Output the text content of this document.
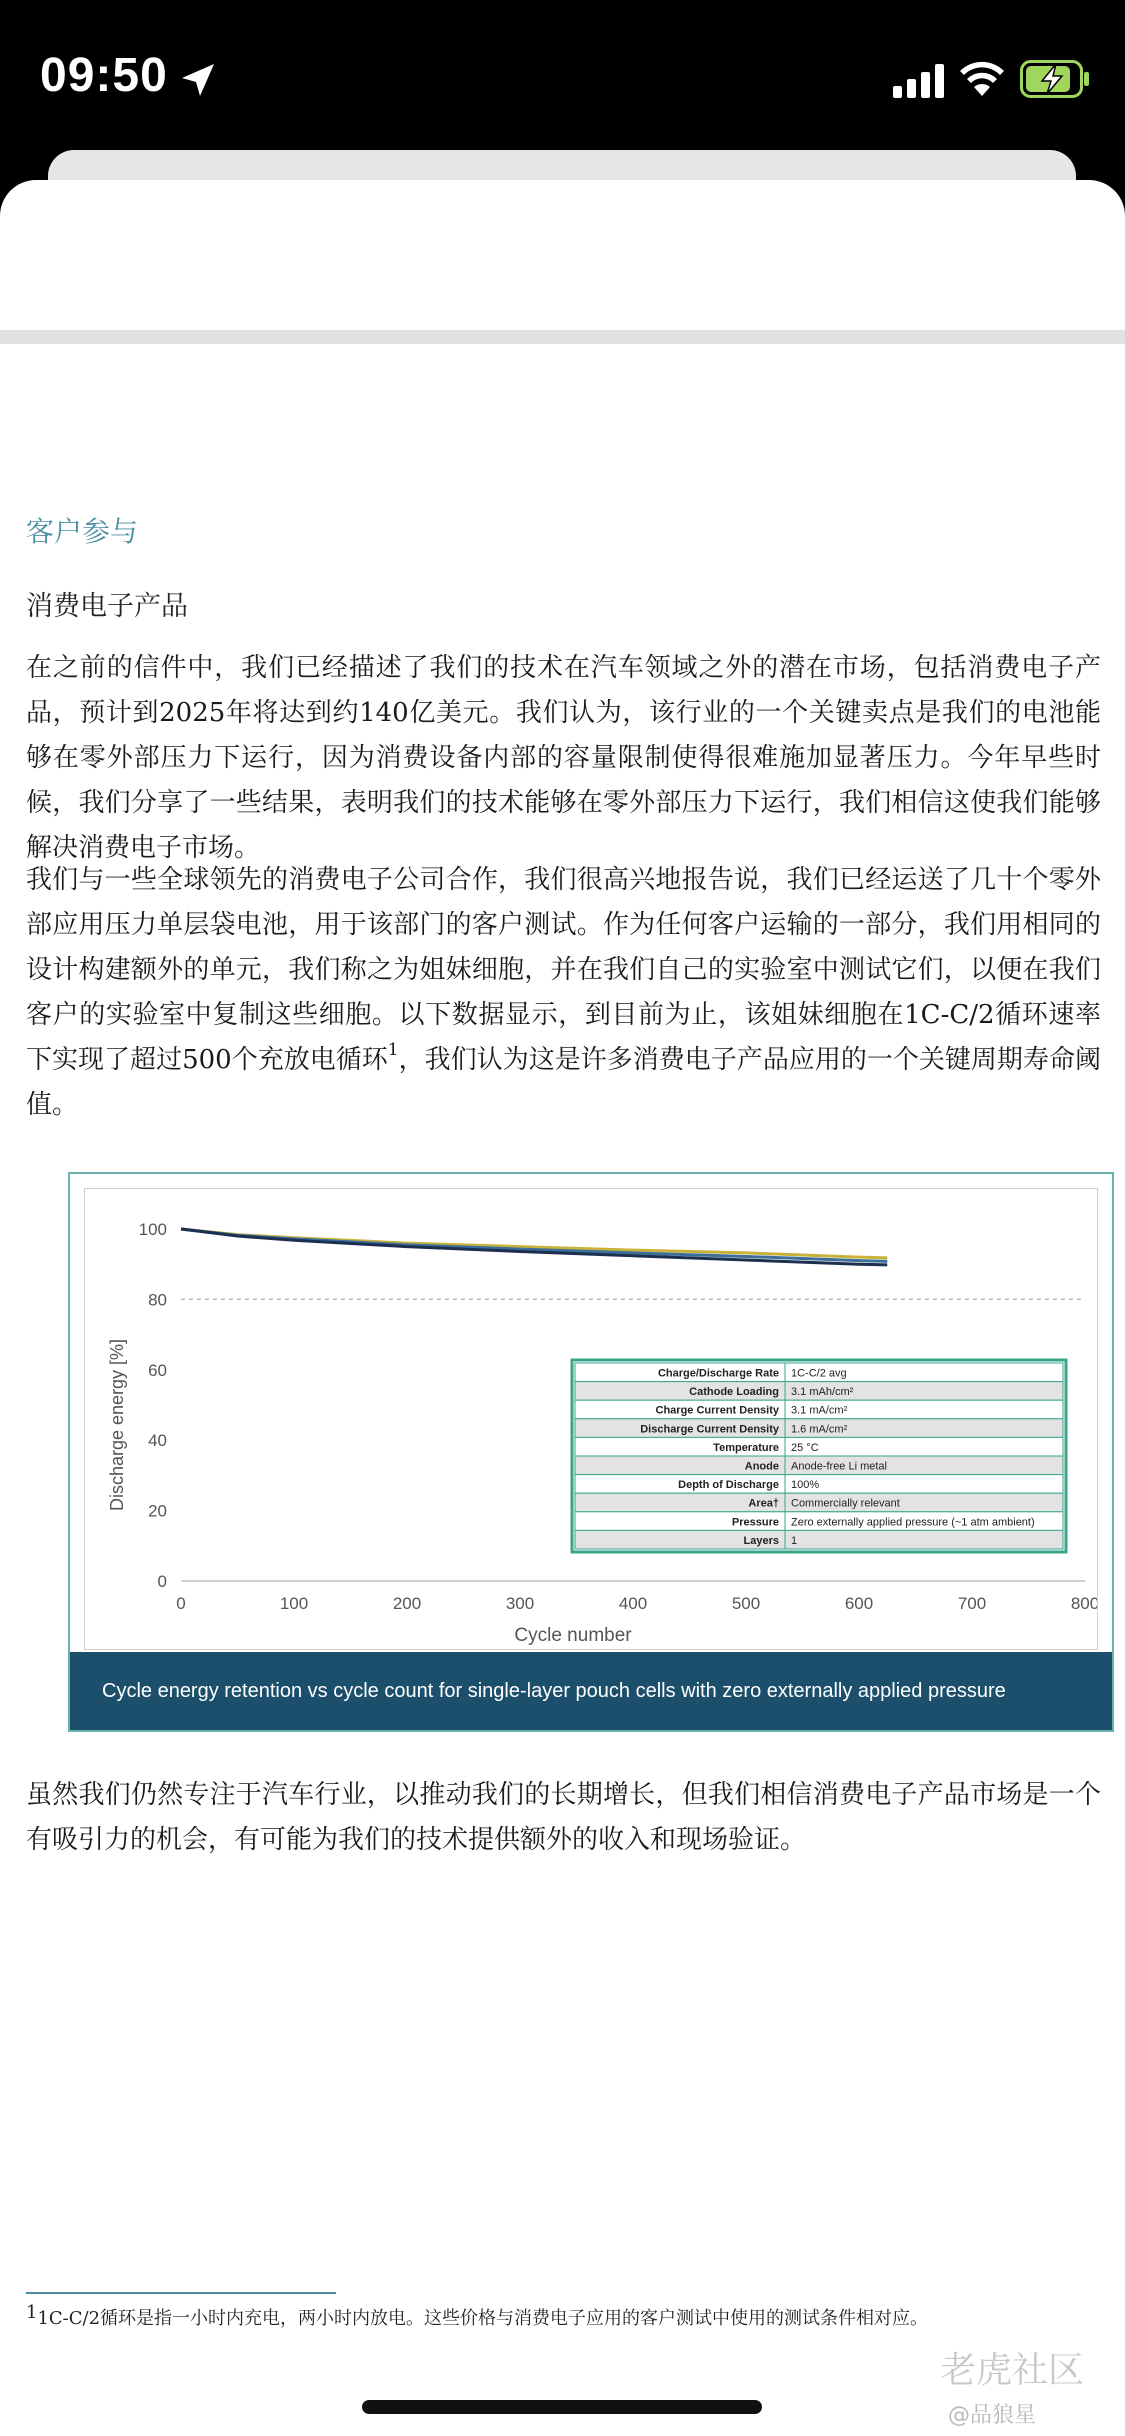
09:50
客户参与
消费电子产品
在之前的信件中，我们已经描述了我们的技术在汽车领域之外的潜在市场，包括消费电子产品，预计到2025年将达到约140亿美元。我们认为，该行业的一个关键卖点是我们的电池能够在零外部压力下运行，因为消费设备内部的容量限制使得很难施加显著压力。今年早些时候，我们分享了一些结果，表明我们的技术能够在零外部压力下运行，我们相信这使我们能够解决消费电子市场。
我们与一些全球领先的消费电子公司合作，我们很高兴地报告说，我们已经运送了几十个零外部应用压力单层袋电池，用于该部门的客户测试。作为任何客户运输的一部分，我们用相同的设计构建额外的单元，我们称之为姐妹细胞，并在我们自己的实验室中测试它们，以便在我们客户的实验室中复制这些细胞。以下数据显示，到目前为止，该姐妹细胞在1C-C/2循环速率下实现了超过500个充放电循环$^1$，我们认为这是许多消费电子产品应用的一个关键周期寿命阈值。
0
20
40
60
80
100
0	100	200	300	400	500	600	700	800
Cycle number
Discharge energy [%]	Charge/Discharge Rate 1C-C/2 avg
Cathode Loading 3.1 mAh/cm²
Charge Current Density 3.1 mA/cm²
Discharge Current Density 1.6 mA/cm²
Temperature 25 °C
Anode Anode-free Li metal
Depth of Discharge 100%
Area† Commercially relevant
Pressure Zero externally applied pressure (~1 atm ambient)
Layers 1
Cycle energy retention vs cycle count for single-layer pouch cells with zero externally applied pressure
虽然我们仍然专注于汽车行业，以推动我们的长期增长，但我们相信消费电子产品市场是一个有吸引力的机会，有可能为我们的技术提供额外的收入和现场验证。
$^1$1C-C/2循环是指一小时内充电，两小时内放电。这些价格与消费电子应用的客户测试中使用的测试条件相对应。
老虎社区
@品狼星
